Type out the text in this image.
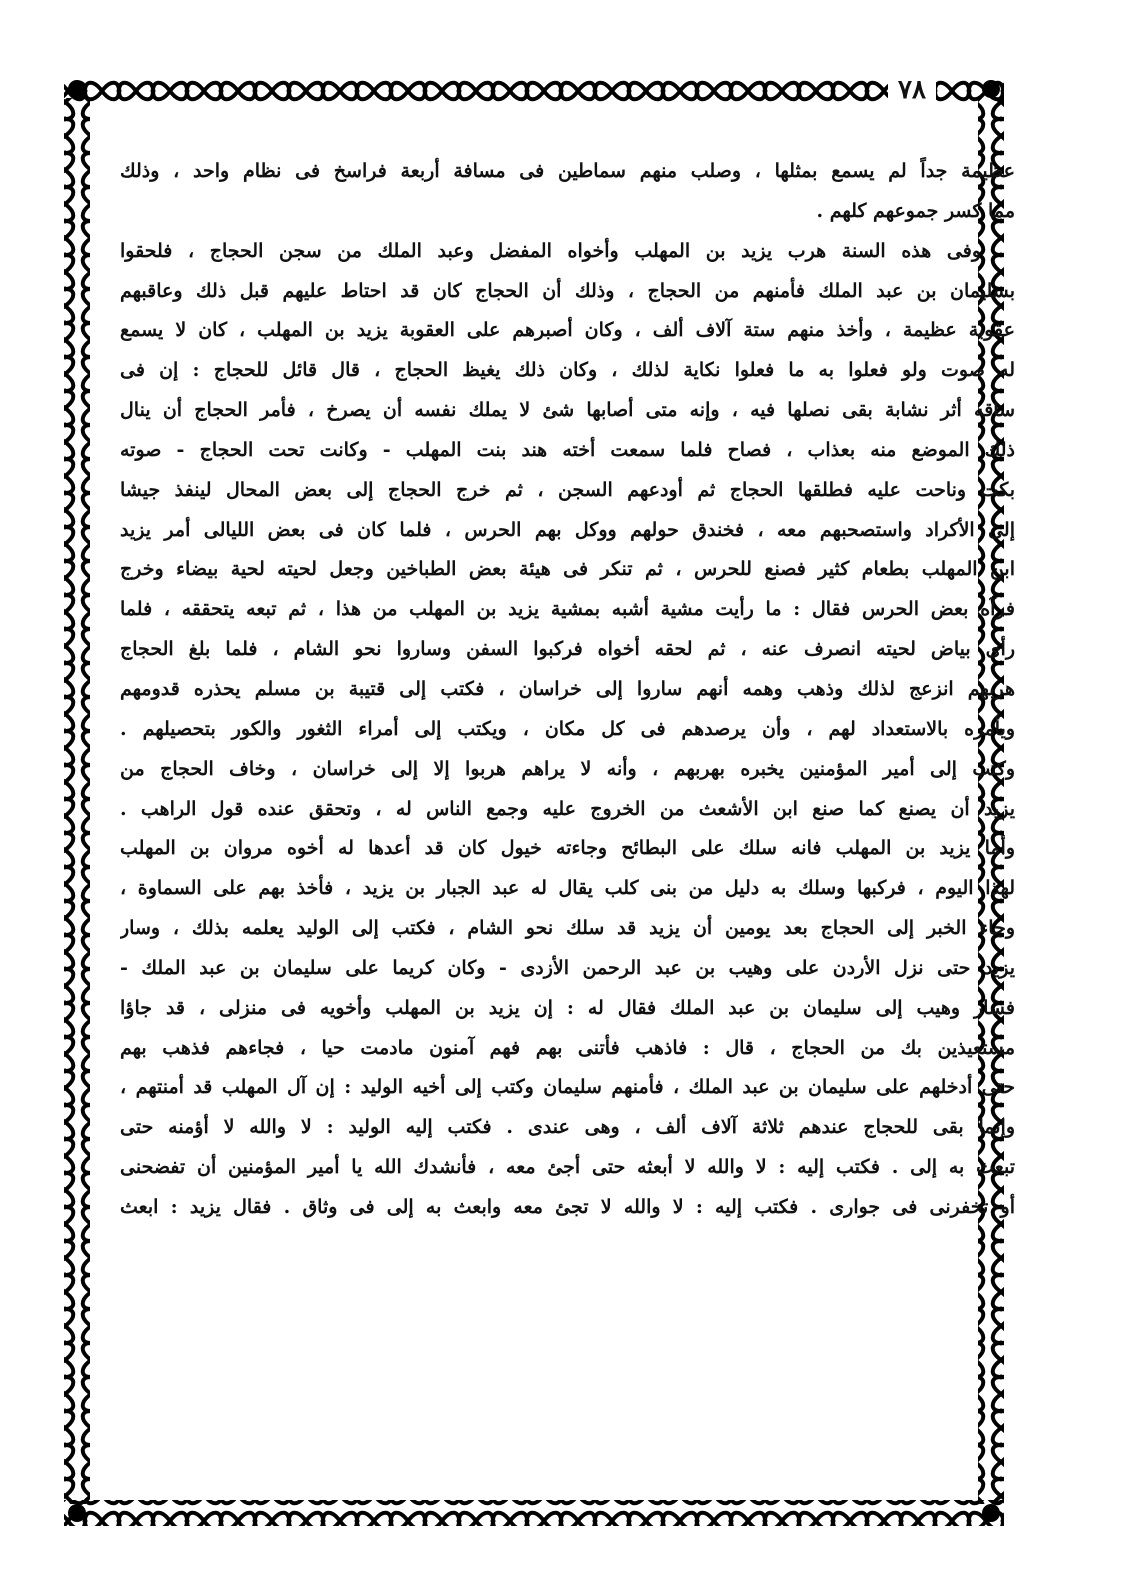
٧٨
عظيمة جداً لم يسمع بمثلها ، وصلب منهم سماطين فى مسافة أربعة فراسخ فى نظام واحد ، وذلك
مما كسر جموعهم كلهم .
وفى هذه السنة هرب يزيد بن المهلب وأخواه المفضل وعبد الملك من سجن الحجاج ، فلحقوا
بسليمان بن عبد الملك فأمنهم من الحجاج ، وذلك أن الحجاج كان قد احتاط عليهم قبل ذلك وعاقبهم
عقوبة عظيمة ، وأخذ منهم ستة آلاف ألف ، وكان أصبرهم على العقوبة يزيد بن المهلب ، كان لا يسمع
له صوت ولو فعلوا به ما فعلوا نكاية لذلك ، وكان ذلك يغيظ الحجاج ، قال قائل للحجاج : إن فى
ساقه أثر نشابة بقى نصلها فيه ، وإنه متى أصابها شئ لا يملك نفسه أن يصرخ ، فأمر الحجاج أن ينال
ذلك الموضع منه بعذاب ، فصاح فلما سمعت أخته هند بنت المهلب - وكانت تحت الحجاج - صوته
بكت وناحت عليه فطلقها الحجاج ثم أودعهم السجن ، ثم خرج الحجاج إلى بعض المحال لينفذ جيشا
إلى الأكراد واستصحبهم معه ، فخندق حولهم ووكل بهم الحرس ، فلما كان فى بعض الليالى أمر يزيد
ابن المهلب بطعام كثير فصنع للحرس ، ثم تنكر فى هيئة بعض الطباخين وجعل لحيته لحية بيضاء وخرج
فرآه بعض الحرس فقال : ما رأيت مشية أشبه بمشية يزيد بن المهلب من هذا ، ثم تبعه يتحققه ، فلما
رأى بياض لحيته انصرف عنه ، ثم لحقه أخواه فركبوا السفن وساروا نحو الشام ، فلما بلغ الحجاج
هربهم انزعج لذلك وذهب وهمه أنهم ساروا إلى خراسان ، فكتب إلى قتيبة بن مسلم يحذره قدومهم
ويأمره بالاستعداد لهم ، وأن يرصدهم فى كل مكان ، ويكتب إلى أمراء الثغور والكور بتحصيلهم .
وكتب إلى أمير المؤمنين يخبره بهربهم ، وأنه لا يراهم هربوا إلا إلى خراسان ، وخاف الحجاج من
يزيد أن يصنع كما صنع ابن الأشعث من الخروج عليه وجمع الناس له ، وتحقق عنده قول الراهب .
وأما يزيد بن المهلب فانه سلك على البطائح وجاءته خيول كان قد أعدها له أخوه مروان بن المهلب
لهذا اليوم ، فركبها وسلك به دليل من بنى كلب يقال له عبد الجبار بن يزيد ، فأخذ بهم على السماوة ،
وجاء الخبر إلى الحجاج بعد يومين أن يزيد قد سلك نحو الشام ، فكتب إلى الوليد يعلمه بذلك ، وسار
يزيد حتى نزل الأردن على وهيب بن عبد الرحمن الأزدى - وكان كريما على سليمان بن عبد الملك -
فسار وهيب إلى سليمان بن عبد الملك فقال له : إن يزيد بن المهلب وأخويه فى منزلى ، قد جاؤا
مستعيذين بك من الحجاج ، قال : فاذهب فأتنى بهم فهم آمنون مادمت حيا ، فجاءهم فذهب بهم
حتى أدخلهم على سليمان بن عبد الملك ، فأمنهم سليمان وكتب إلى أخيه الوليد : إن آل المهلب قد أمنتهم ،
وإنما بقى للحجاج عندهم ثلاثة آلاف ألف ، وهى عندى . فكتب إليه الوليد : لا والله لا أؤمنه حتى
تبعث به إلى . فكتب إليه : لا والله لا أبعثه حتى أجئ معه ، فأنشدك الله يا أمير المؤمنين أن تفضحنى
أو تخفرنى فى جوارى . فكتب إليه : لا والله لا تجئ معه وابعث به إلى فى وثاق . فقال يزيد : ابعث
